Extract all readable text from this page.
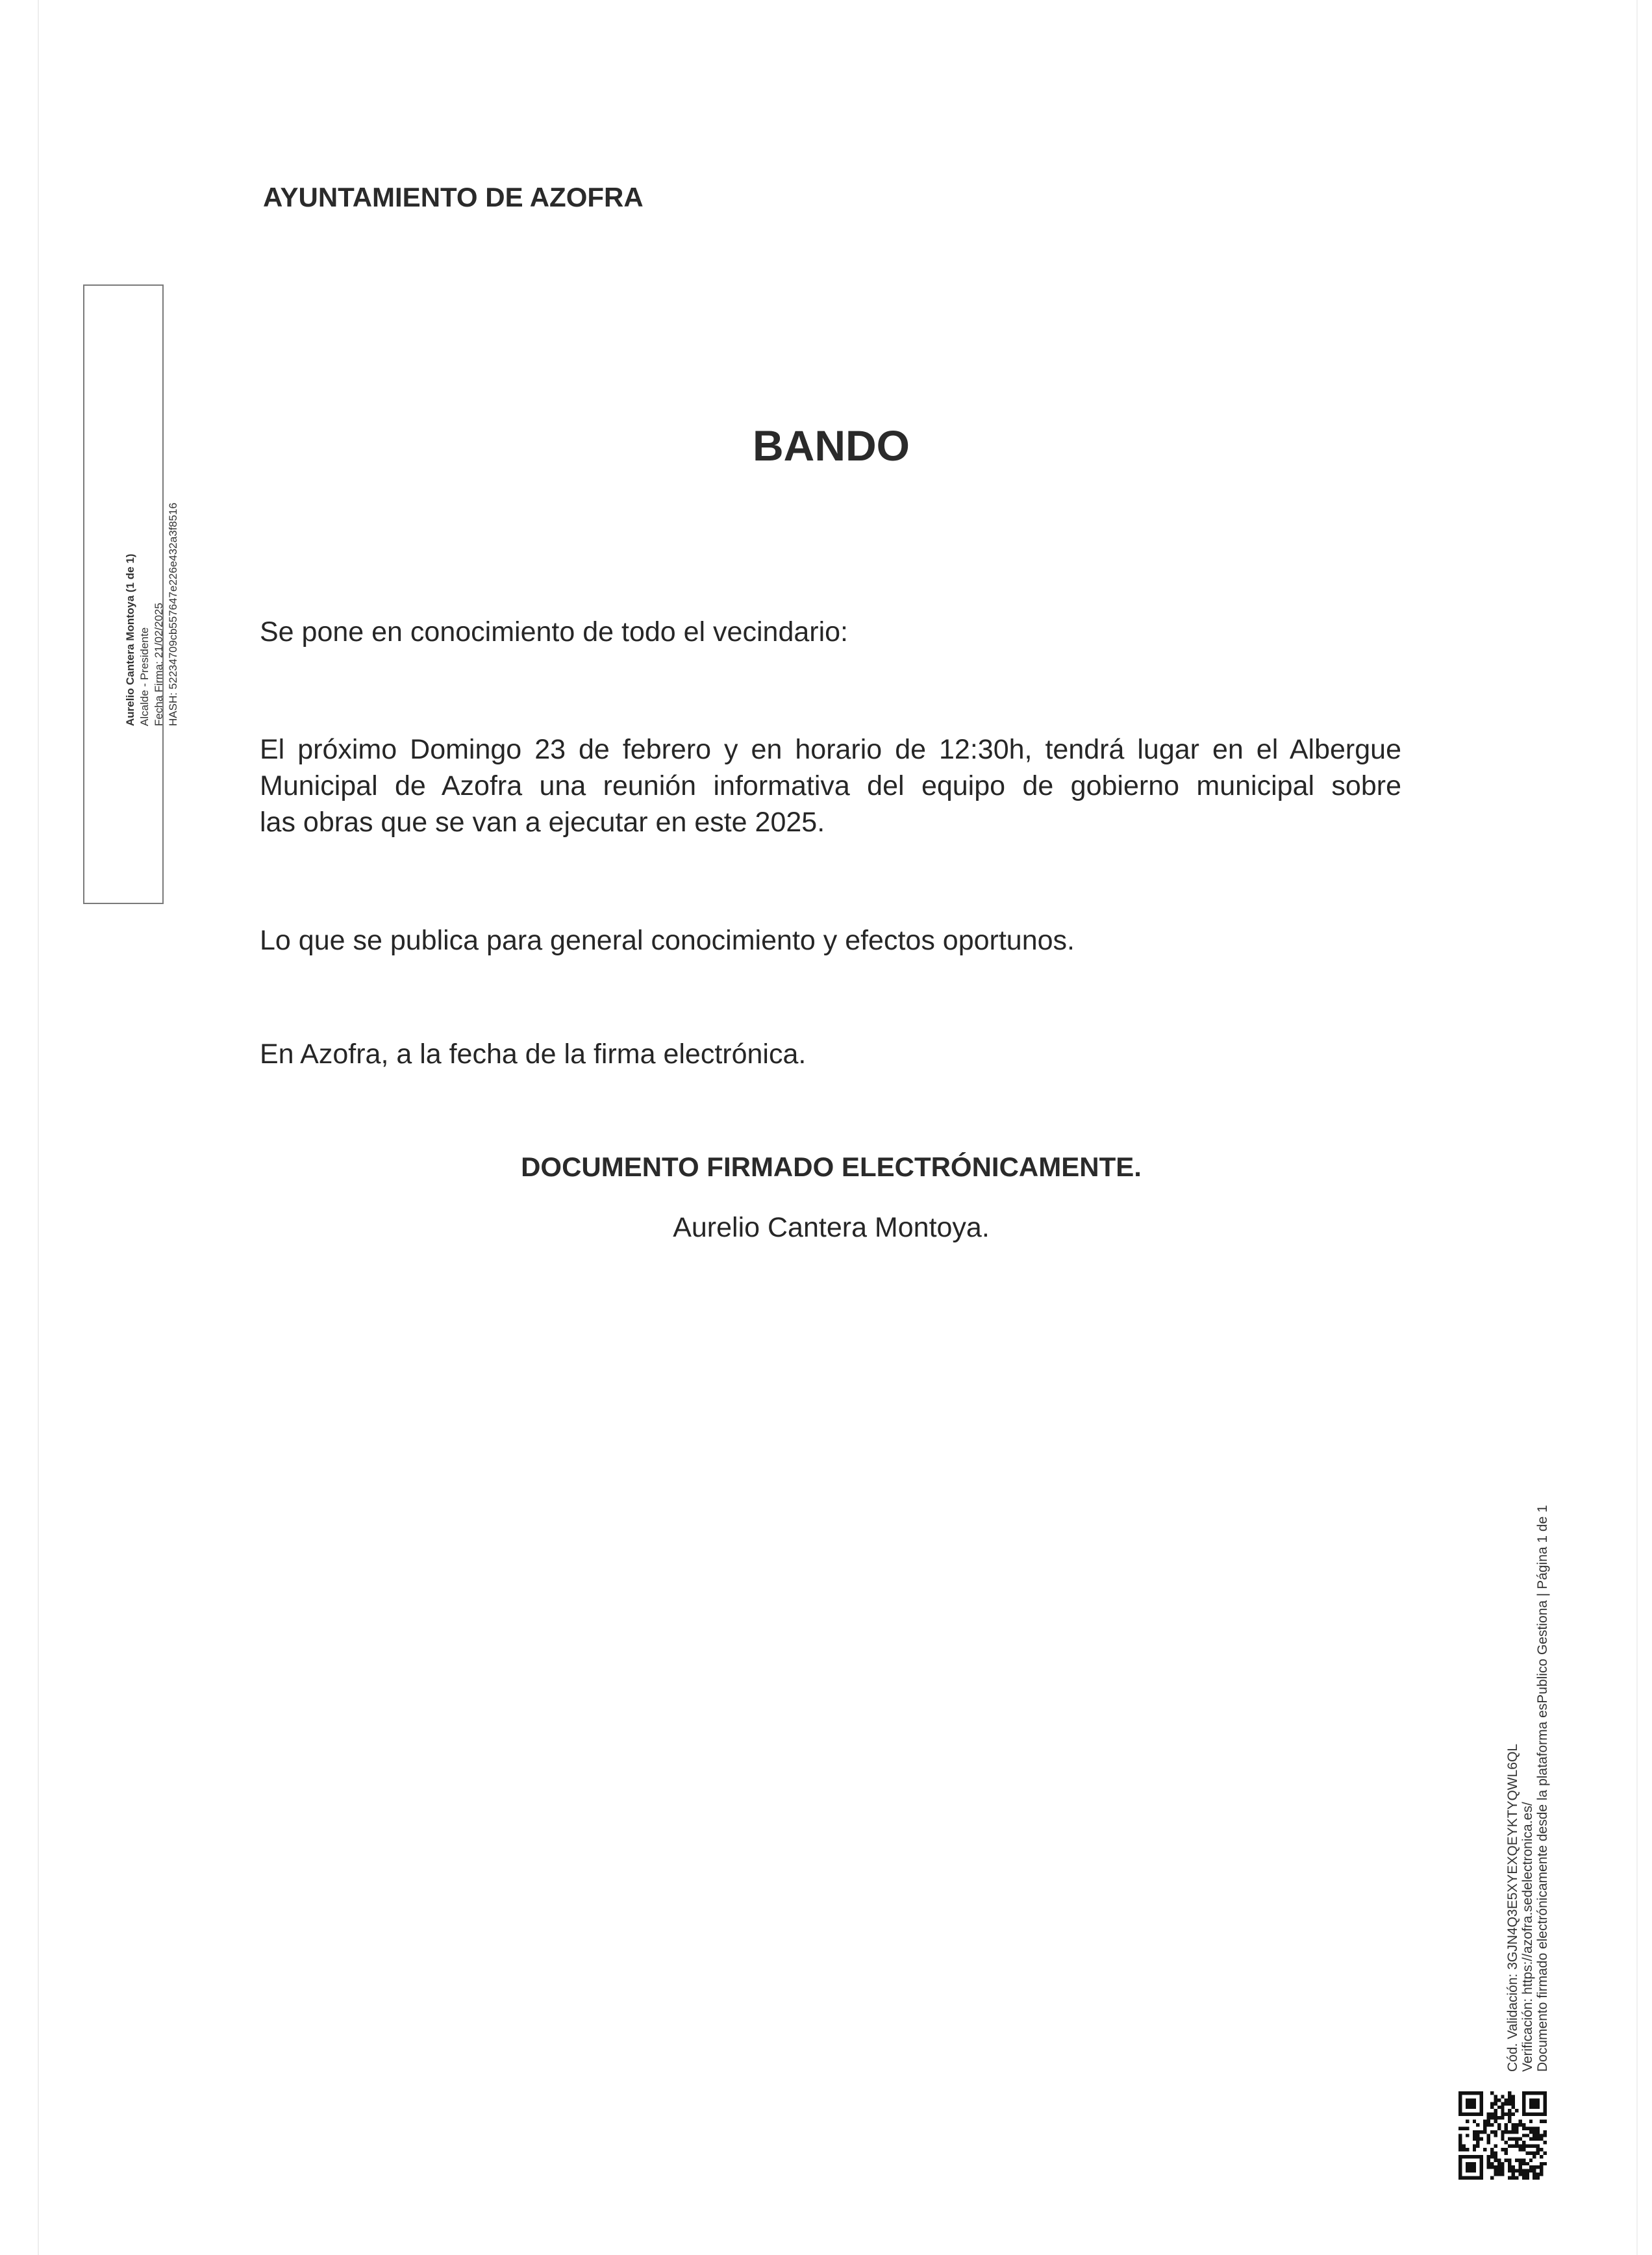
AYUNTAMIENTO DE AZOFRA
Aurelio Cantera Montoya (1 de 1) Alcalde - Presidente Fecha Firma: 21/02/2025 HASH: 52234709cb557647e226e432a3f8516
BANDO
Se pone en conocimiento de todo el vecindario:
El próximo Domingo 23 de febrero y en horario de 12:30h, tendrá lugar en el Albergue
Municipal de Azofra una reunión informativa del equipo de gobierno municipal sobre
las obras que se van a ejecutar en este 2025.
Lo que se publica para general conocimiento y efectos oportunos.
En Azofra, a la fecha de la firma electrónica.
DOCUMENTO FIRMADO ELECTRÓNICAMENTE.
Aurelio Cantera Montoya.
Cód. Validación: 3GJN4Q3E5XYEXQEYKTYQWL6QL Verificación: https://azofra.sedelectronica.es/ Documento firmado electrónicamente desde la plataforma esPublico Gestiona | Página 1 de 1
